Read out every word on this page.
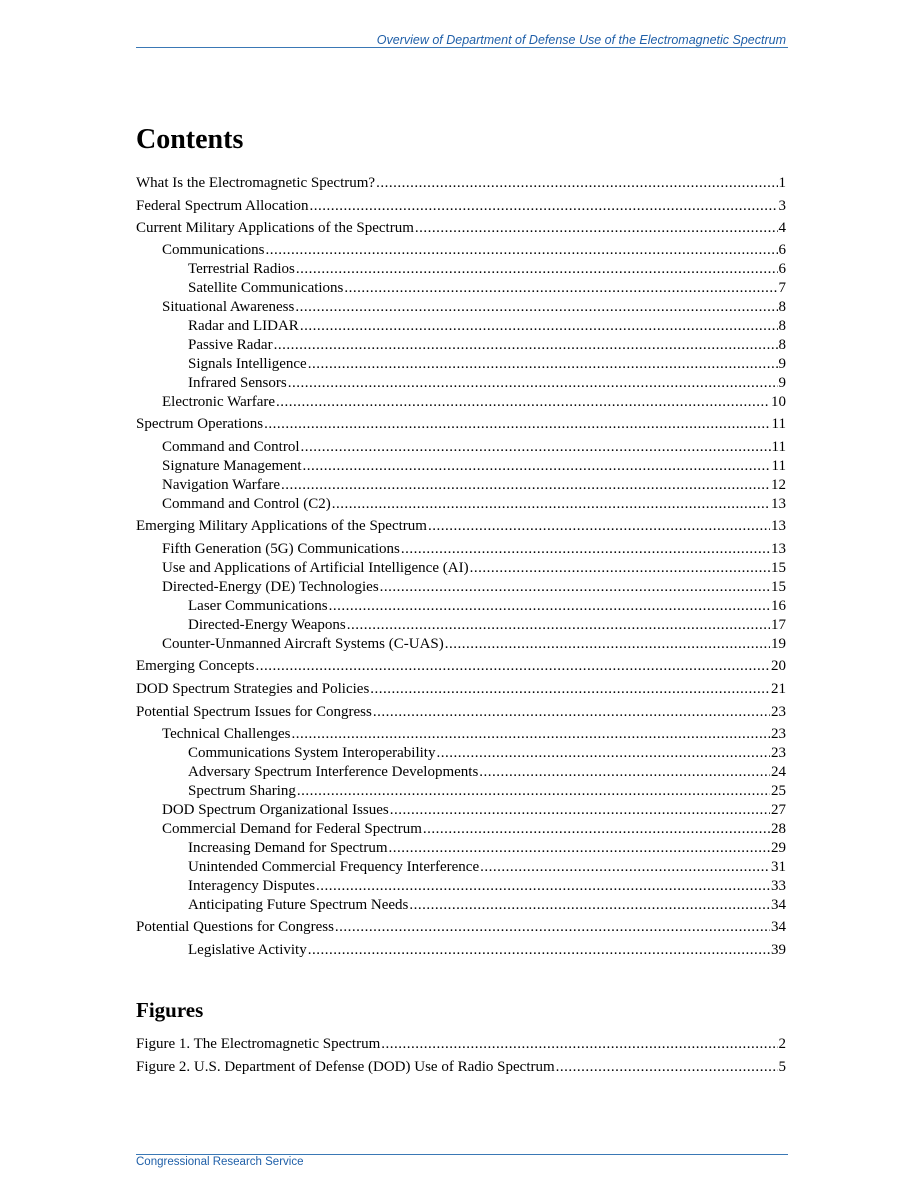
Overview of Department of Defense Use of the Electromagnetic Spectrum
Contents
What Is the Electromagnetic Spectrum? .....	1
Federal Spectrum Allocation .....	3
Current Military Applications of the Spectrum .....	4
Communications .....	6
Terrestrial Radios .....	6
Satellite Communications .....	7
Situational Awareness .....	8
Radar and LIDAR .....	8
Passive Radar .....	8
Signals Intelligence .....	9
Infrared Sensors .....	9
Electronic Warfare .....	10
Spectrum Operations .....	11
Command and Control .....	11
Signature Management .....	11
Navigation Warfare .....	12
Command and Control (C2) .....	13
Emerging Military Applications of the Spectrum .....	13
Fifth Generation (5G) Communications .....	13
Use and Applications of Artificial Intelligence (AI) .....	15
Directed-Energy (DE) Technologies .....	15
Laser Communications .....	16
Directed-Energy Weapons .....	17
Counter-Unmanned Aircraft Systems (C-UAS) .....	19
Emerging Concepts .....	20
DOD Spectrum Strategies and Policies .....	21
Potential Spectrum Issues for Congress .....	23
Technical Challenges .....	23
Communications System Interoperability .....	23
Adversary Spectrum Interference Developments .....	24
Spectrum Sharing .....	25
DOD Spectrum Organizational Issues .....	27
Commercial Demand for Federal Spectrum .....	28
Increasing Demand for Spectrum .....	29
Unintended Commercial Frequency Interference .....	31
Interagency Disputes .....	33
Anticipating Future Spectrum Needs .....	34
Potential Questions for Congress .....	34
Legislative Activity .....	39
Figures
Figure 1. The Electromagnetic Spectrum .....	2
Figure 2. U.S. Department of Defense (DOD) Use of Radio Spectrum .....	5
Congressional Research Service
